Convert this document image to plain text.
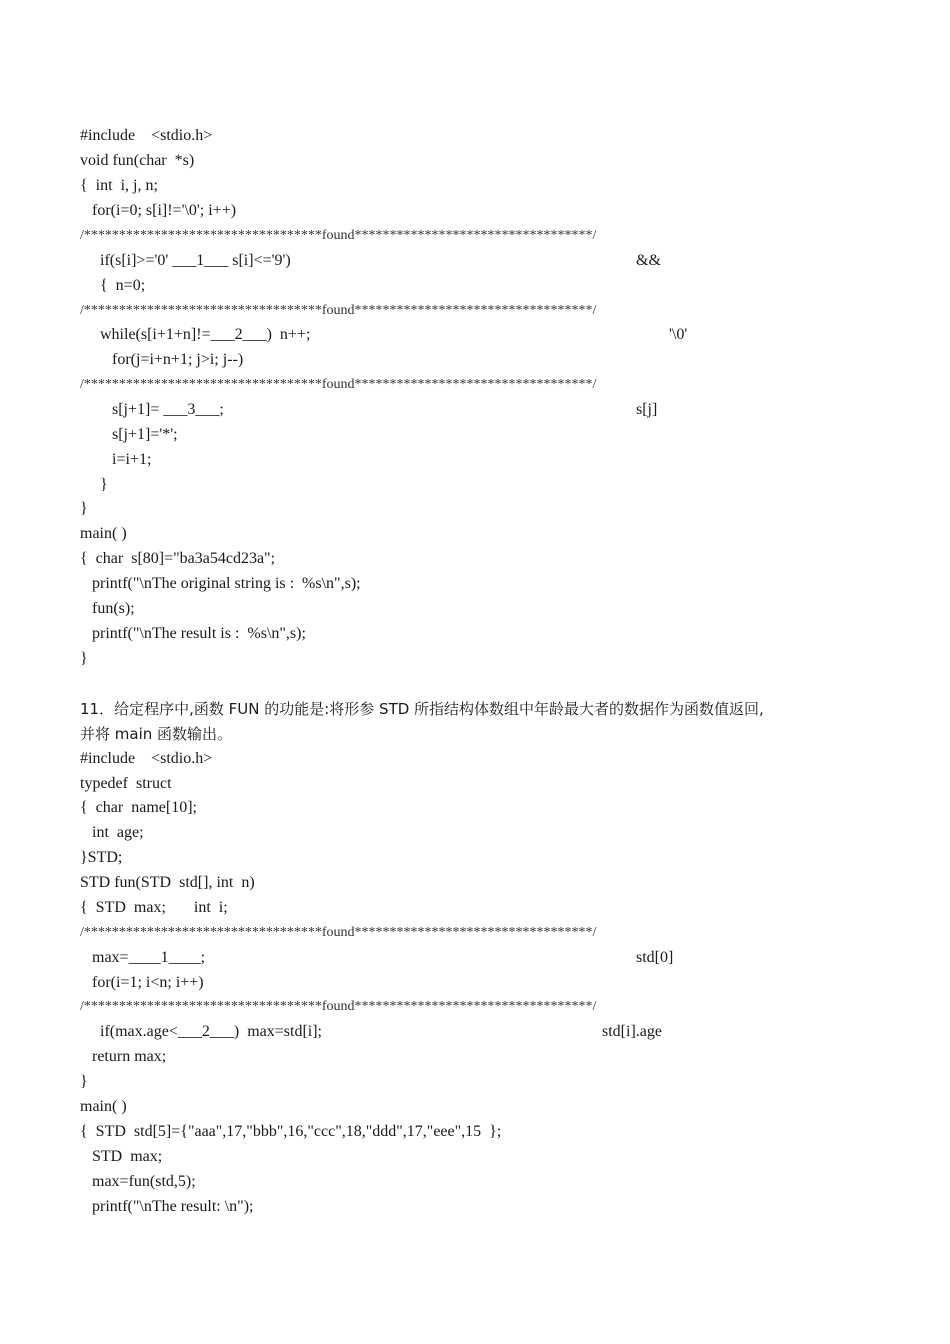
#include    <stdio.h>
void fun(char  *s)
{  int  i, j, n;
for(i=0; s[i]!='\0'; i++)
/**********************************found**********************************/
if(s[i]>='0' ___1___ s[i]<='9')
{  n=0;
/**********************************found**********************************/
while(s[i+1+n]!=___2___)  n++;
for(j=i+n+1; j>i; j--)
/**********************************found**********************************/
s[j+1]= ___3___;
s[j+1]='*';
i=i+1;
}
}
main( )
{  char  s[80]="ba3a54cd23a";
printf("\nThe original string is :  %s\n",s);
fun(s);
printf("\nThe result is :  %s\n",s);
}
&&
'\0'
s[j]
11．给定程序中,函数 FUN 的功能是:将形参 STD 所指结构体数组中年龄最大者的数据作为函数值返回,
并将 main 函数输出。
#include    <stdio.h>
typedef  struct
{  char  name[10];
int  age;
}STD;
STD fun(STD  std[], int  n)
{  STD  max;       int  i;
/**********************************found**********************************/
max=____1____;
for(i=1; i<n; i++)
/**********************************found**********************************/
if(max.age<___2___)  max=std[i];
return max;
}
main( )
{  STD  std[5]={"aaa",17,"bbb",16,"ccc",18,"ddd",17,"eee",15  };
STD  max;
max=fun(std,5);
printf("\nThe result: \n");
std[0]
std[i].age
